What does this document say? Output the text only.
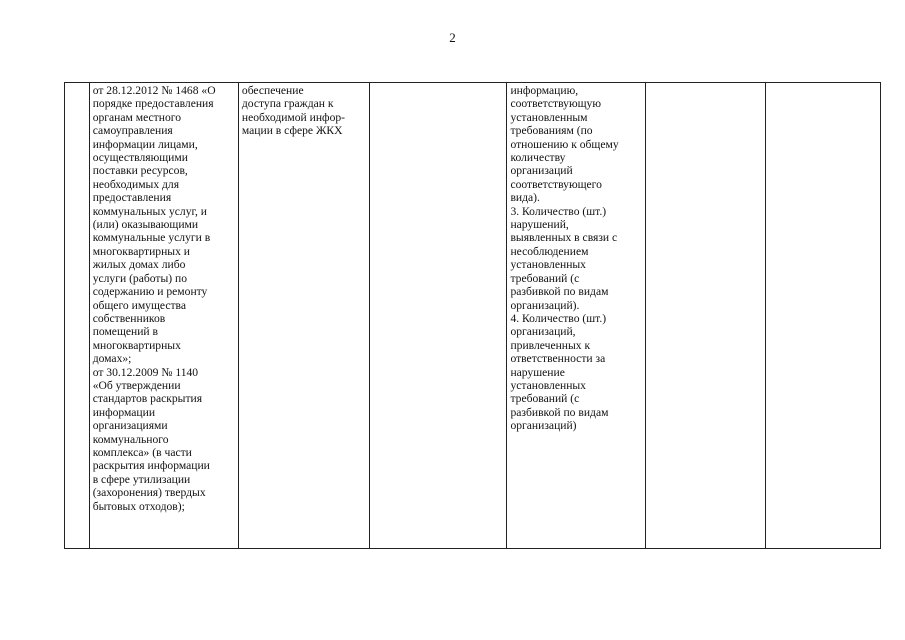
2
	от 28.12.2012 № 1468 «О
порядке предоставления
органам местного
самоуправления
информации лицами,
осуществляющими
поставки ресурсов,
необходимых для
предоставления
коммунальных услуг, и
(или) оказывающими
коммунальные услуги в
многоквартирных и
жилых домах либо
услуги (работы) по
содержанию и ремонту
общего имущества
собственников
помещений в
многоквартирных
домах»;
от 30.12.2009 № 1140
«Об утверждении
стандартов раскрытия
информации
организациями
коммунального
комплекса» (в части
раскрытия информации
в сфере утилизации
(захоронения) твердых
бытовых отходов);	обеспечение
доступа граждан к
необходимой инфор-
мации в сфере ЖКХ		информацию,
соответствующую
установленным
требованиям (по
отношению к общему
количеству
организаций
соответствующего
вида).
3. Количество (шт.)
нарушений,
выявленных в связи с
несоблюдением
установленных
требований (с
разбивкой по видам
организаций).
4. Количество (шт.)
организаций,
привлеченных к
ответственности за
нарушение
установленных
требований (с
разбивкой по видам
организаций)		
